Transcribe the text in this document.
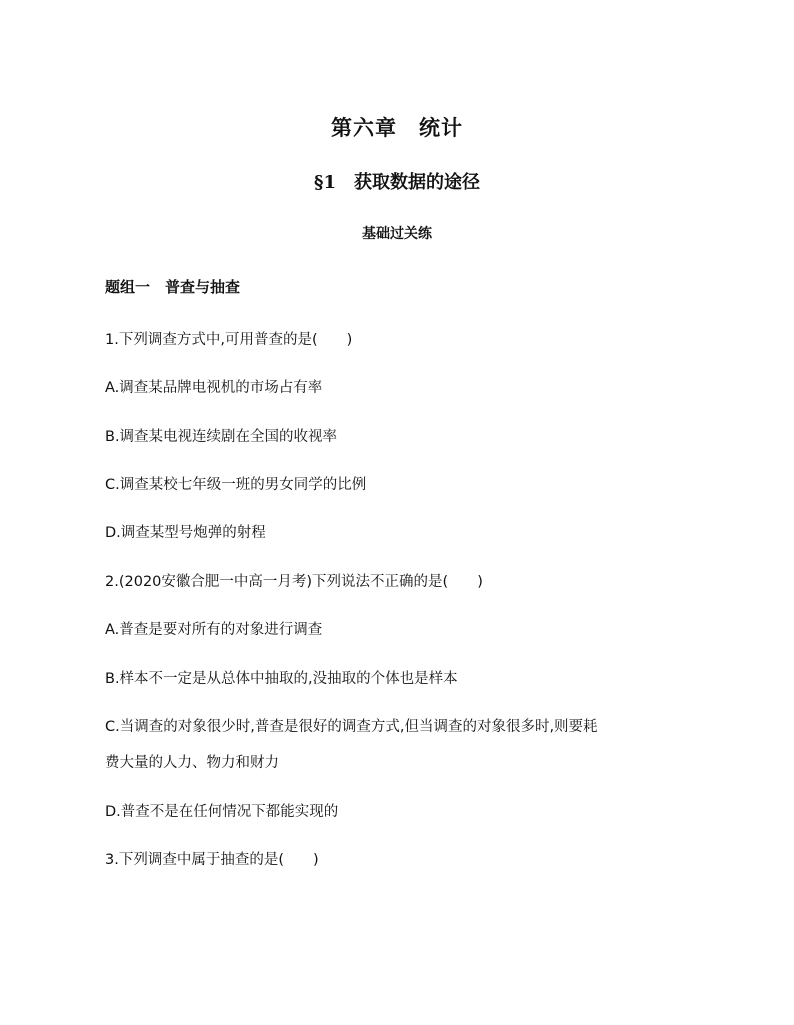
第六章　统计
§1　获取数据的途径
基础过关练
题组一　普查与抽查
1.下列调查方式中,可用普查的是(　　)
A.调查某品牌电视机的市场占有率
B.调查某电视连续剧在全国的收视率
C.调查某校七年级一班的男女同学的比例
D.调查某型号炮弹的射程
2.(2020安徽合肥一中高一月考)下列说法不正确的是(　　)
A.普查是要对所有的对象进行调查
B.样本不一定是从总体中抽取的,没抽取的个体也是样本
C.当调查的对象很少时,普查是很好的调查方式,但当调查的对象很多时,则要耗
费大量的人力、物力和财力
D.普查不是在任何情况下都能实现的
3.下列调查中属于抽查的是(　　)
